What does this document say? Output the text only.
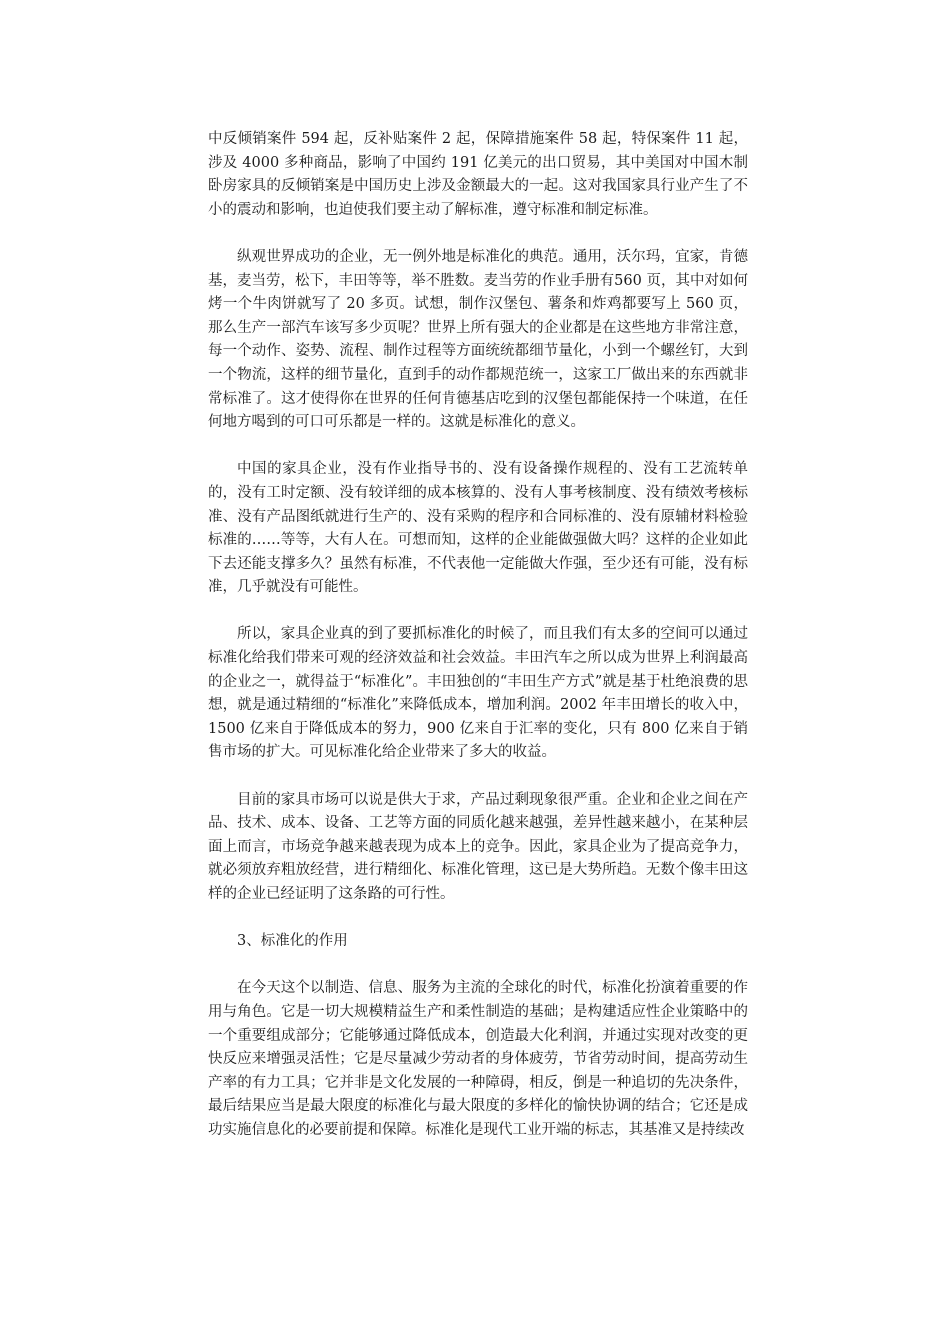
中反倾销案件 594 起，反补贴案件 2 起，保障措施案件 58 起，特保案件 11 起，涉及 4000 多种商品，影响了中国约 191 亿美元的出口贸易，其中美国对中国木制卧房家具的反倾销案是中国历史上涉及金额最大的一起。这对我国家具行业产生了不小的震动和影响，也迫使我们要主动了解标准，遵守标准和制定标准。

纵观世界成功的企业，无一例外地是标准化的典范。通用，沃尔玛，宜家，肯德基，麦当劳，松下，丰田等等，举不胜数。麦当劳的作业手册有560 页，其中对如何烤一个牛肉饼就写了 20 多页。试想，制作汉堡包、薯条和炸鸡都要写上 560 页，那么生产一部汽车该写多少页呢？世界上所有强大的企业都是在这些地方非常注意，每一个动作、姿势、流程、制作过程等方面统统都细节量化，小到一个螺丝钉，大到一个物流，这样的细节量化，直到手的动作都规范统一，这家工厂做出来的东西就非常标准了。这才使得你在世界的任何肯德基店吃到的汉堡包都能保持一个味道，在任何地方喝到的可口可乐都是一样的。这就是标准化的意义。

中国的家具企业，没有作业指导书的、没有设备操作规程的、没有工艺流转单的，没有工时定额、没有较详细的成本核算的、没有人事考核制度、没有绩效考核标准、没有产品图纸就进行生产的、没有采购的程序和合同标准的、没有原辅材料检验标准的……等等，大有人在。可想而知，这样的企业能做强做大吗？这样的企业如此下去还能支撑多久？虽然有标准，不代表他一定能做大作强，至少还有可能，没有标准，几乎就没有可能性。

所以，家具企业真的到了要抓标准化的时候了，而且我们有太多的空间可以通过标准化给我们带来可观的经济效益和社会效益。丰田汽车之所以成为世界上利润最高的企业之一，就得益于“标准化”。丰田独创的“丰田生产方式”就是基于杜绝浪费的思想，就是通过精细的“标准化”来降低成本，增加利润。2002 年丰田增长的收入中，1500 亿来自于降低成本的努力，900 亿来自于汇率的变化，只有 800 亿来自于销售市场的扩大。可见标准化给企业带来了多大的收益。

目前的家具市场可以说是供大于求，产品过剩现象很严重。企业和企业之间在产品、技术、成本、设备、工艺等方面的同质化越来越强，差异性越来越小，在某种层面上而言，市场竞争越来越表现为成本上的竞争。因此，家具企业为了提高竞争力，就必须放弃粗放经营，进行精细化、标准化管理，这已是大势所趋。无数个像丰田这样的企业已经证明了这条路的可行性。

3、标准化的作用

在今天这个以制造、信息、服务为主流的全球化的时代，标准化扮演着重要的作用与角色。它是一切大规模精益生产和柔性制造的基础；是构建适应性企业策略中的一个重要组成部分；它能够通过降低成本，创造最大化利润，并通过实现对改变的更快反应来增强灵活性；它是尽量减少劳动者的身体疲劳，节省劳动时间，提高劳动生产率的有力工具；它并非是文化发展的一种障碍，相反，倒是一种追切的先决条件，最后结果应当是最大限度的标准化与最大限度的多样化的愉快协调的结合；它还是成功实施信息化的必要前提和保障。标准化是现代工业开端的标志，其基准又是持续改
